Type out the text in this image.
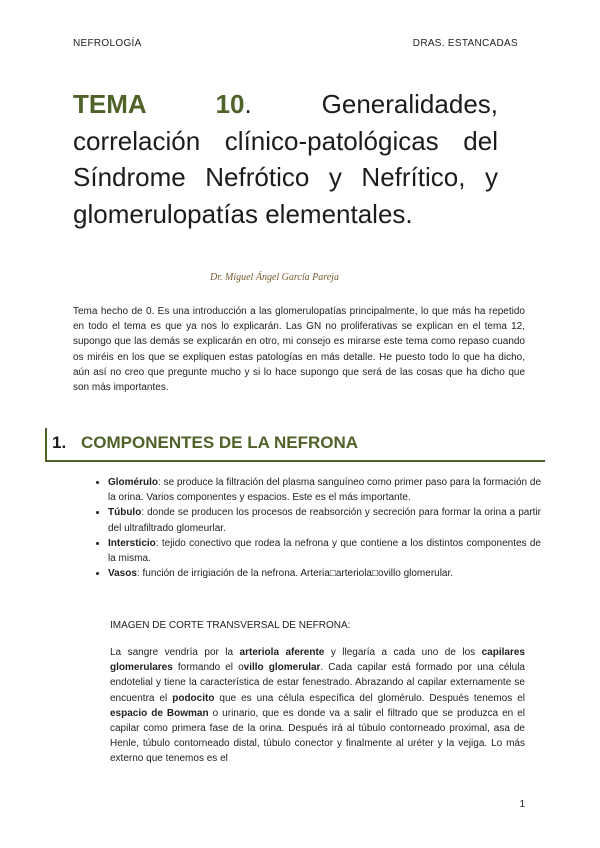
NEFROLOGÍA	DRAS. ESTANCADAS
TEMA 10. Generalidades, correlación clínico-patológicas del Síndrome Nefrótico y Nefrítico, y glomerulopatías elementales.
Dr. Miguel Ángel García Pareja
Tema hecho de 0. Es una introducción a las glomerulopatías principalmente, lo que más ha repetido en todo el tema es que ya nos lo explicarán. Las GN no proliferativas se explican en el tema 12, supongo que las demás se explicarán en otro, mi consejo es mirarse este tema como repaso cuando os miréis en los que se expliquen estas patologías en más detalle. He puesto todo lo que ha dicho, aún así no creo que pregunte mucho y si lo hace supongo que será de las cosas que ha dicho que son más importantes.
1. COMPONENTES DE LA NEFRONA
• Glomérulo: se produce la filtración del plasma sanguíneo como primer paso para la formación de la orina. Varios componentes y espacios. Este es el más importante.
• Túbulo: donde se producen los procesos de reabsorción y secreción para formar la orina a partir del ultrafiltrado glomeurlar.
• Intersticio: tejido conectivo que rodea la nefrona y que contiene a los distintos componentes de la misma.
• Vasos: función de irrigiación de la nefrona. Arteria□arteriola□ovillo glomerular.
IMAGEN DE CORTE TRANSVERSAL DE NEFRONA:
La sangre vendría por la arteriola aferente y llegaría a cada uno de los capilares glomerulares formando el ovillo glomerular. Cada capilar está formado por una célula endotelial y tiene la característica de estar fenestrado. Abrazando al capilar externamente se encuentra el podocito que es una célula específica del glomérulo. Después tenemos el espacio de Bowman o urinario, que es donde va a salir el filtrado que se produzca en el capilar como primera fase de la orina. Después irá al túbulo contorneado proximal, asa de Henle, túbulo contorneado distal, túbulo conector y finalmente al uréter y la vejiga. Lo más externo que tenemos es el
1
